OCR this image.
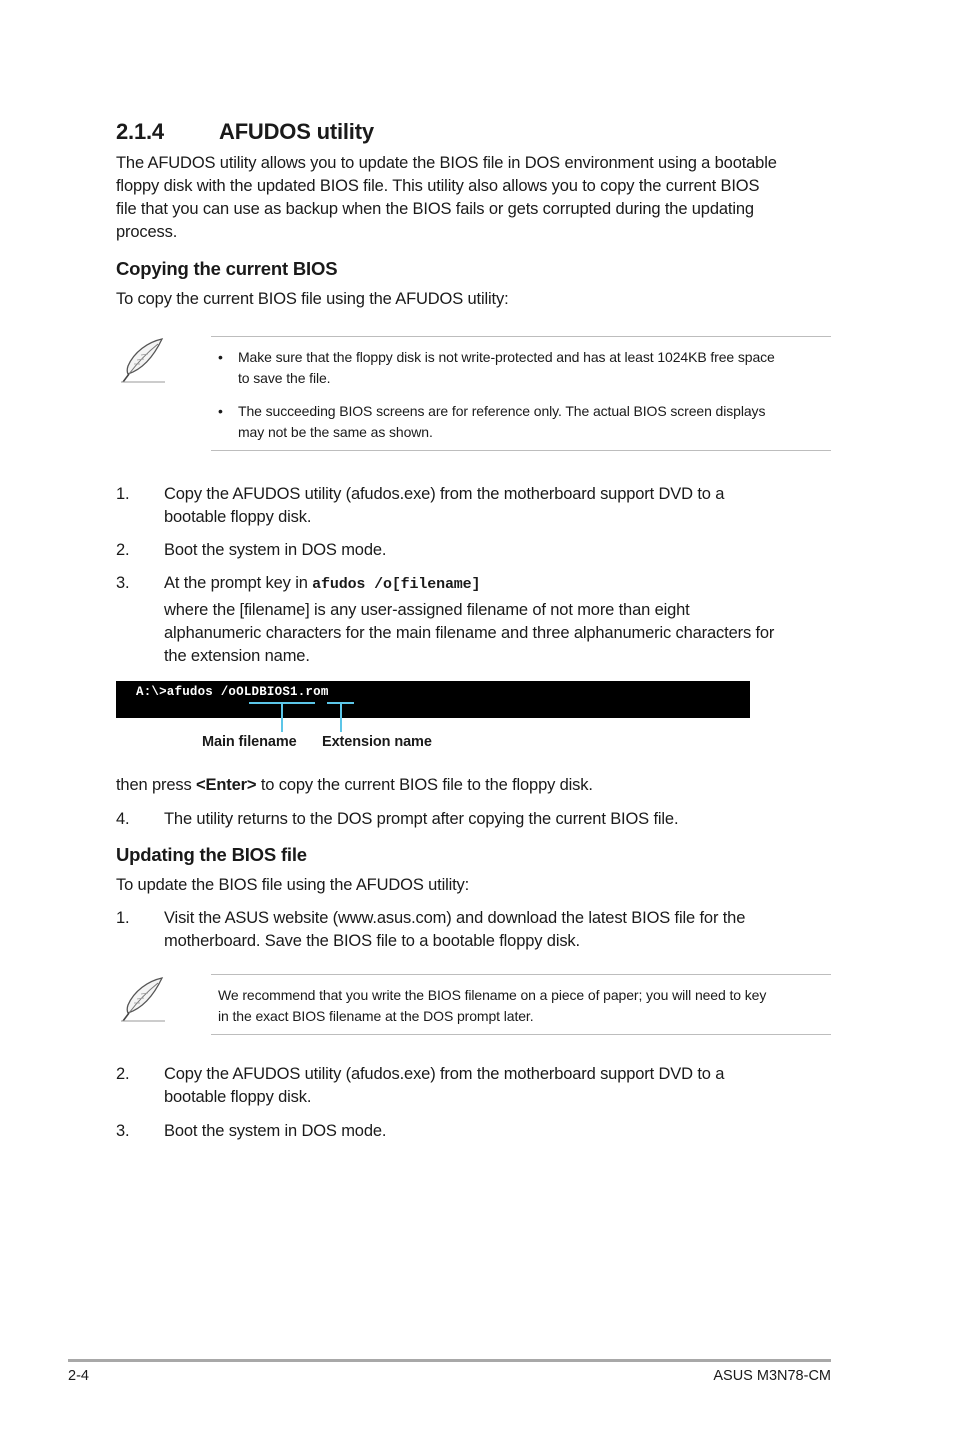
2.1.4	AFUDOS utility
The AFUDOS utility allows you to update the BIOS file in DOS environment using a bootable
floppy disk with the updated BIOS file. This utility also allows you to copy the current BIOS
file that you can use as backup when the BIOS fails or gets corrupted during the updating
process.
Copying the current BIOS
To copy the current BIOS file using the AFUDOS utility:
• Make sure that the floppy disk is not write-protected and has at least 1024KB free space
to save the file.
• The succeeding BIOS screens are for reference only. The actual BIOS screen displays
may not be the same as shown.
1. Copy the AFUDOS utility (afudos.exe) from the motherboard support DVD to a
bootable floppy disk.
2. Boot the system in DOS mode.
3. At the prompt key in afudos /o[filename]
where the [filename] is any user-assigned filename of not more than eight
alphanumeric characters for the main filename and three alphanumeric characters for
the extension name.
A:\>afudos /oOLDBIOS1.rom
Main filename Extension name
then press <Enter> to copy the current BIOS file to the floppy disk.
4. The utility returns to the DOS prompt after copying the current BIOS file.
Updating the BIOS file
To update the BIOS file using the AFUDOS utility:
1. Visit the ASUS website (www.asus.com) and download the latest BIOS file for the
motherboard. Save the BIOS file to a bootable floppy disk.
We recommend that you write the BIOS filename on a piece of paper; you will need to key
in the exact BIOS filename at the DOS prompt later.
2. Copy the AFUDOS utility (afudos.exe) from the motherboard support DVD to a
bootable floppy disk.
3. Boot the system in DOS mode.
2-4	ASUS M3N78-CM
